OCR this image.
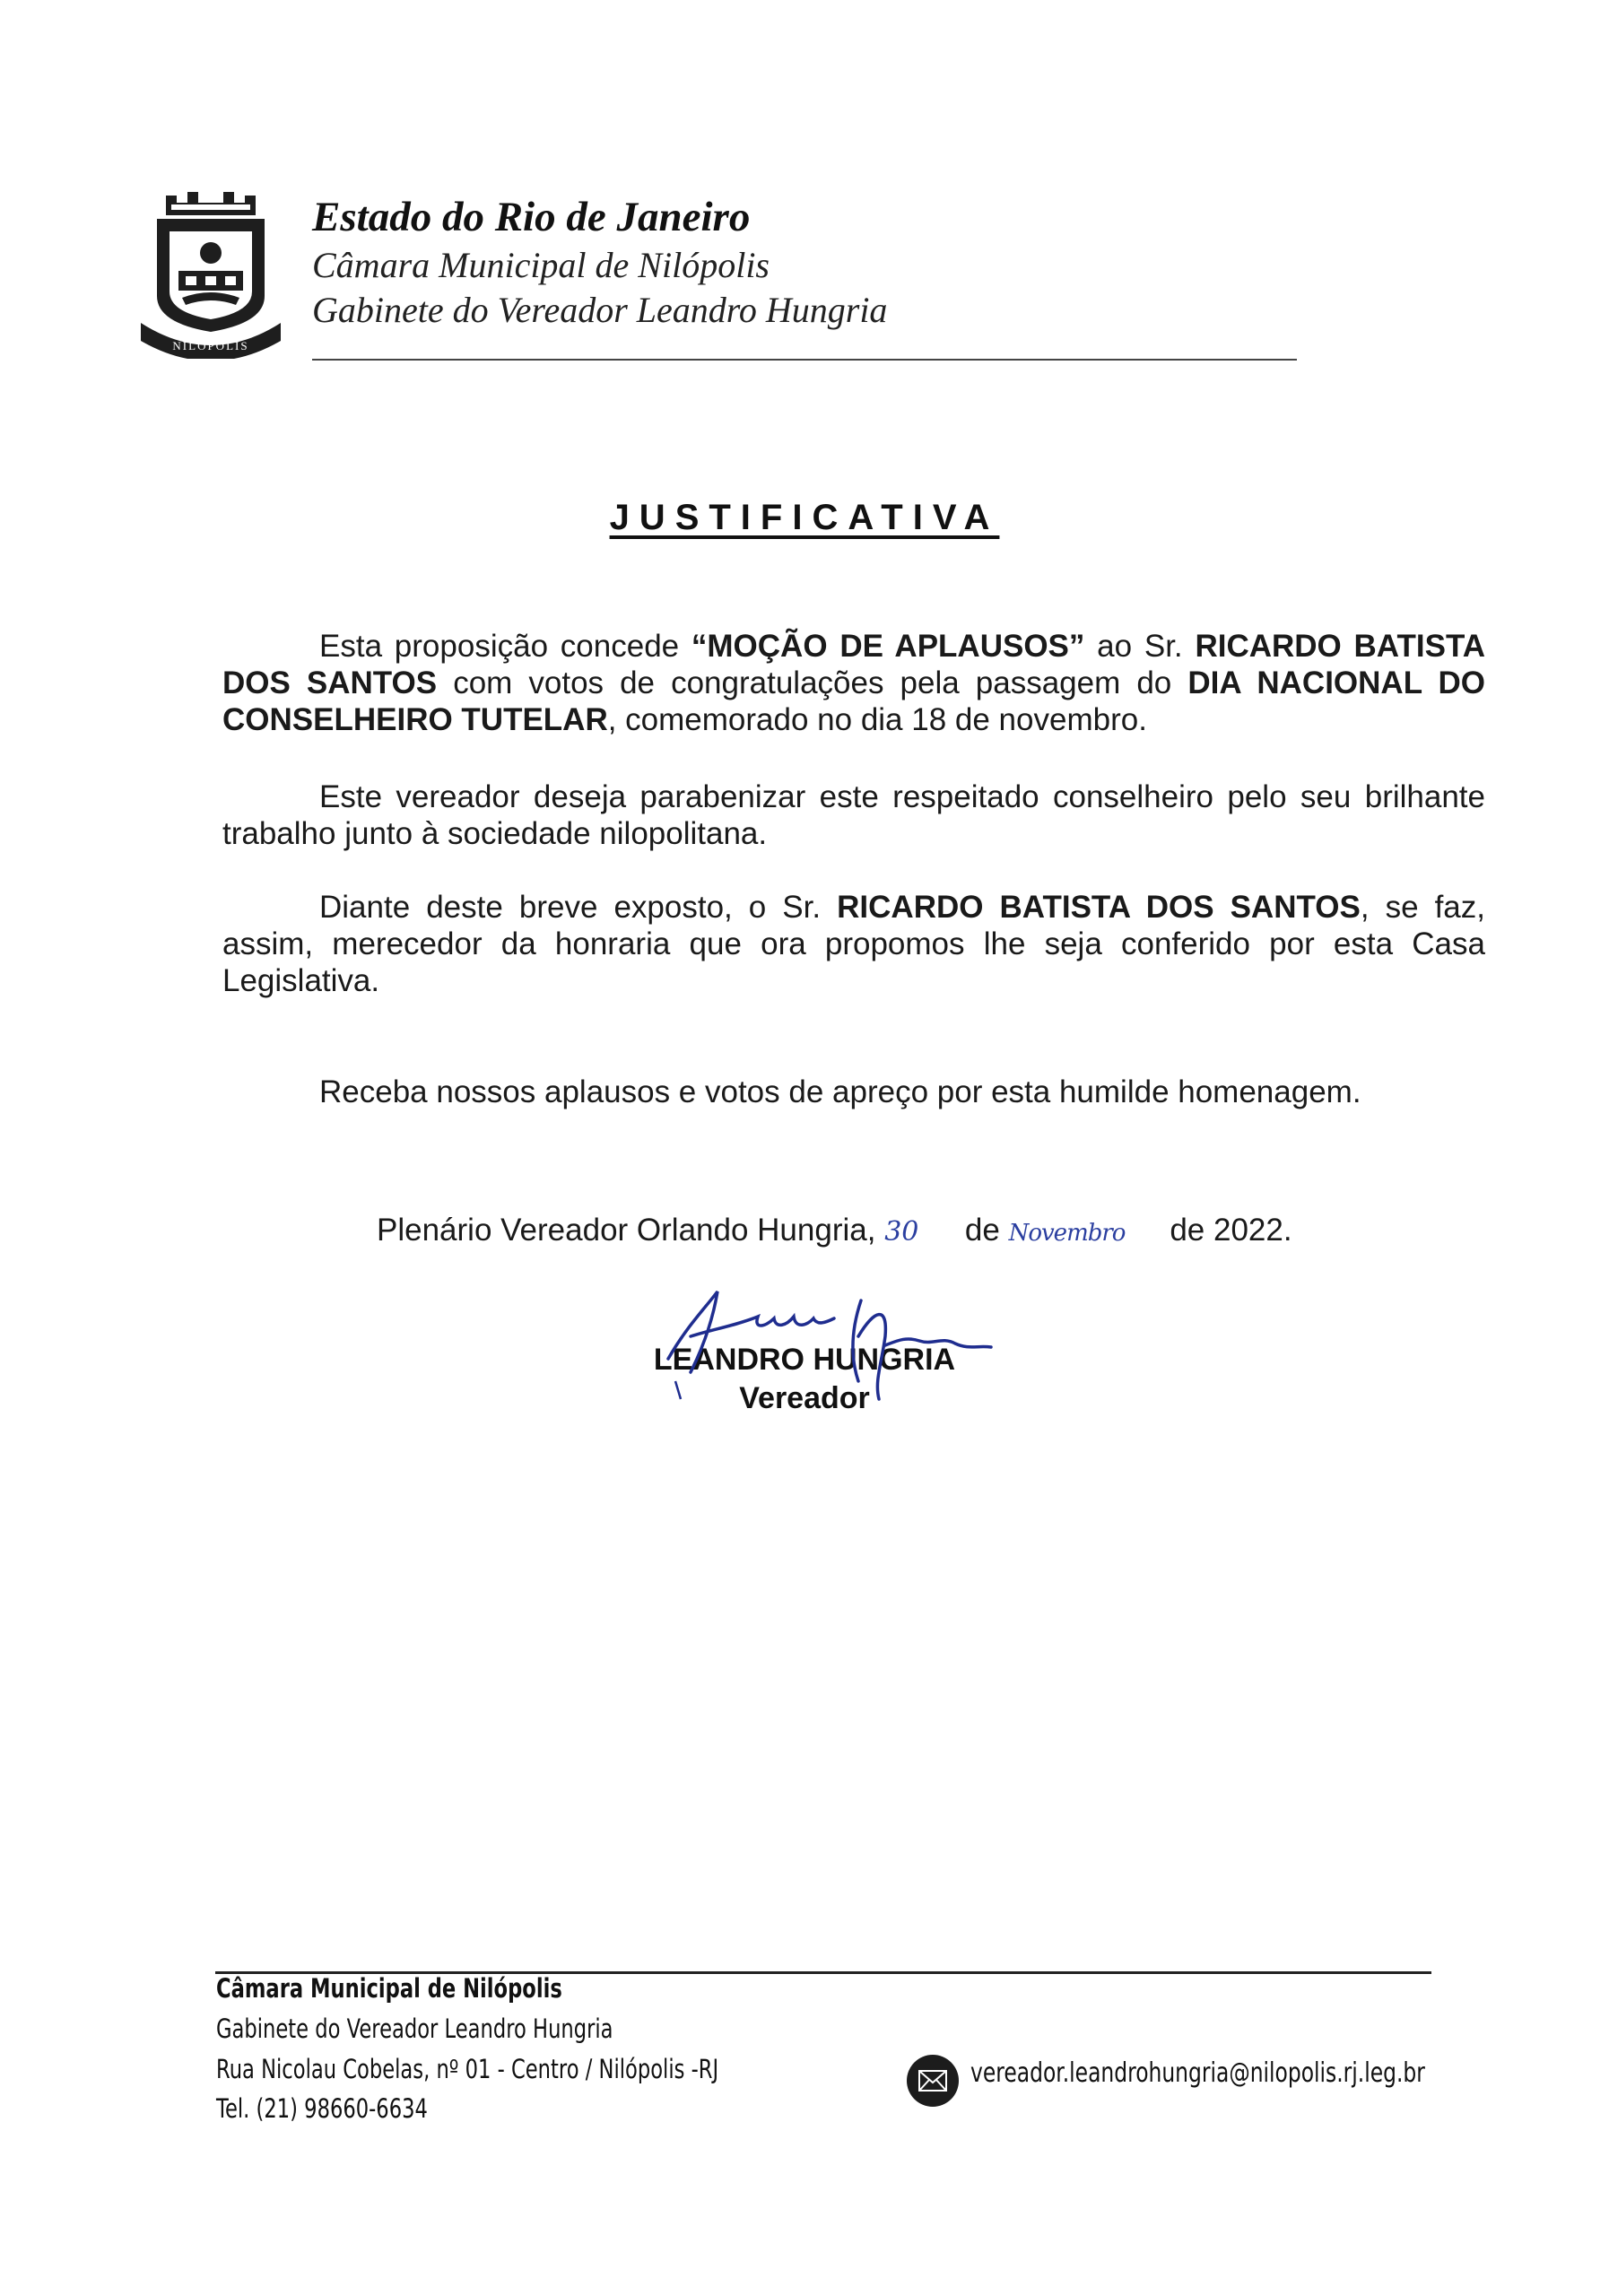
NILÓPOLIS
Estado do Rio de Janeiro
Câmara Municipal de Nilópolis
Gabinete do Vereador Leandro Hungria
JUSTIFICATIVA
Esta proposição concede “MOÇÃO DE APLAUSOS” ao Sr. RICARDO BATISTA DOS SANTOS com votos de congratulações pela passagem do DIA NACIONAL DO CONSELHEIRO TUTELAR, comemorado no dia 18 de novembro.
Este vereador deseja parabenizar este respeitado conselheiro pelo seu brilhante trabalho junto à sociedade nilopolitana.
Diante deste breve exposto, o Sr. RICARDO BATISTA DOS SANTOS, se faz, assim, merecedor da honraria que ora propomos lhe seja conferido por esta Casa Legislativa.
Receba nossos aplausos e votos de apreço por esta humilde homenagem.
Plenário Vereador Orlando Hungria, 30 de Novembro de 2022.
LEANDRO HUNGRIA
Vereador
Câmara Municipal de Nilópolis
Gabinete do Vereador Leandro Hungria
Rua Nicolau Cobelas, nº 01 - Centro / Nilópolis -RJ
Tel. (21) 98660-6634
vereador.leandrohungria@nilopolis.rj.leg.br
